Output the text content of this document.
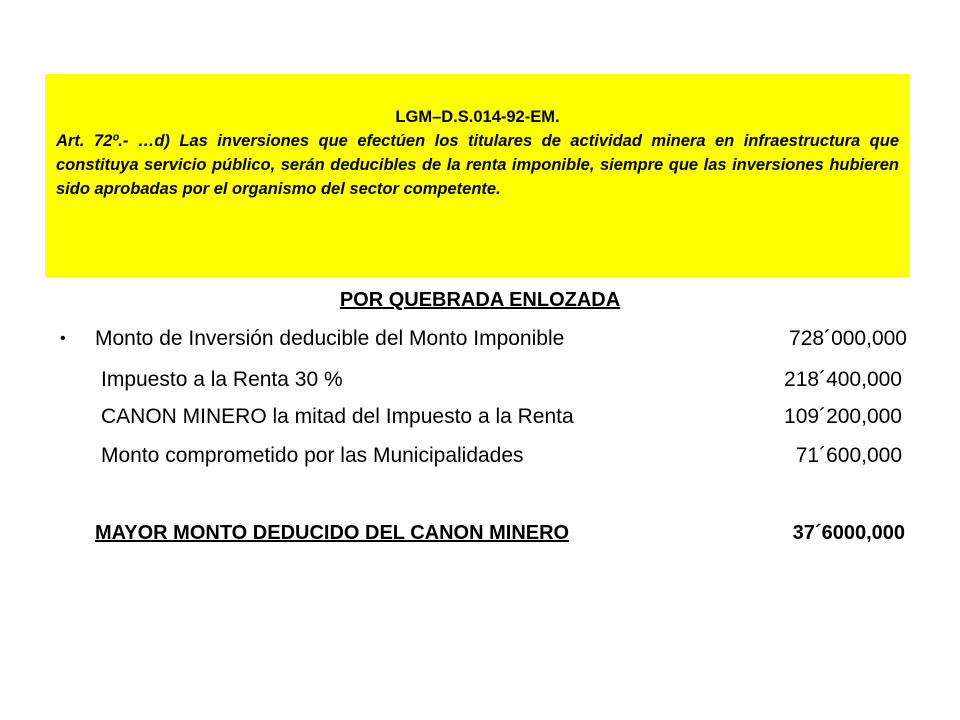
LGM–D.S.014-92-EM.
Art. 72º.- …d) Las inversiones que efectúen los titulares de actividad minera en infraestructura que constituya servicio público, serán deducibles de la renta imponible, siempre que las inversiones hubieren sido aprobadas por el organismo del sector competente.
POR QUEBRADA ENLOZADA
• Monto de Inversión deducible del Monto Imponible	728´000,000
Impuesto a la Renta 30 %	218´400,000
CANON MINERO la mitad del Impuesto a la Renta	109´200,000
Monto comprometido por las Municipalidades	71´600,000
MAYOR MONTO DEDUCIDO DEL CANON MINERO	37´6000,000
